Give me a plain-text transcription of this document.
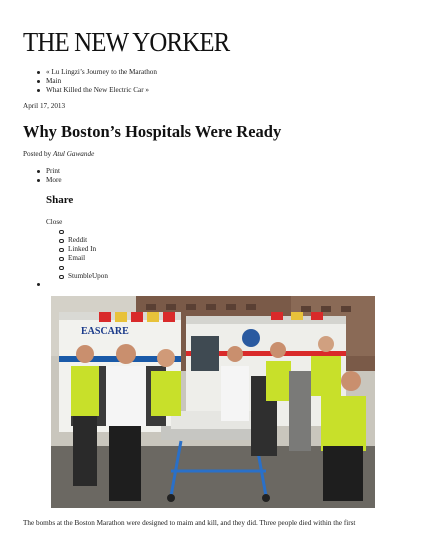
THE NEW YORKER
« Lu Lingzi’s Journey to the Marathon
Main
What Killed the New Electric Car »
April 17, 2013
Why Boston’s Hospitals Were Ready
Posted by Atul Gawande
Print
More
Share
Close

Reddit
Linked In
Email

StumbleUpon
EASCARE
The bombs at the Boston Marathon were designed to maim and kill, and they did. Three people died within the first
